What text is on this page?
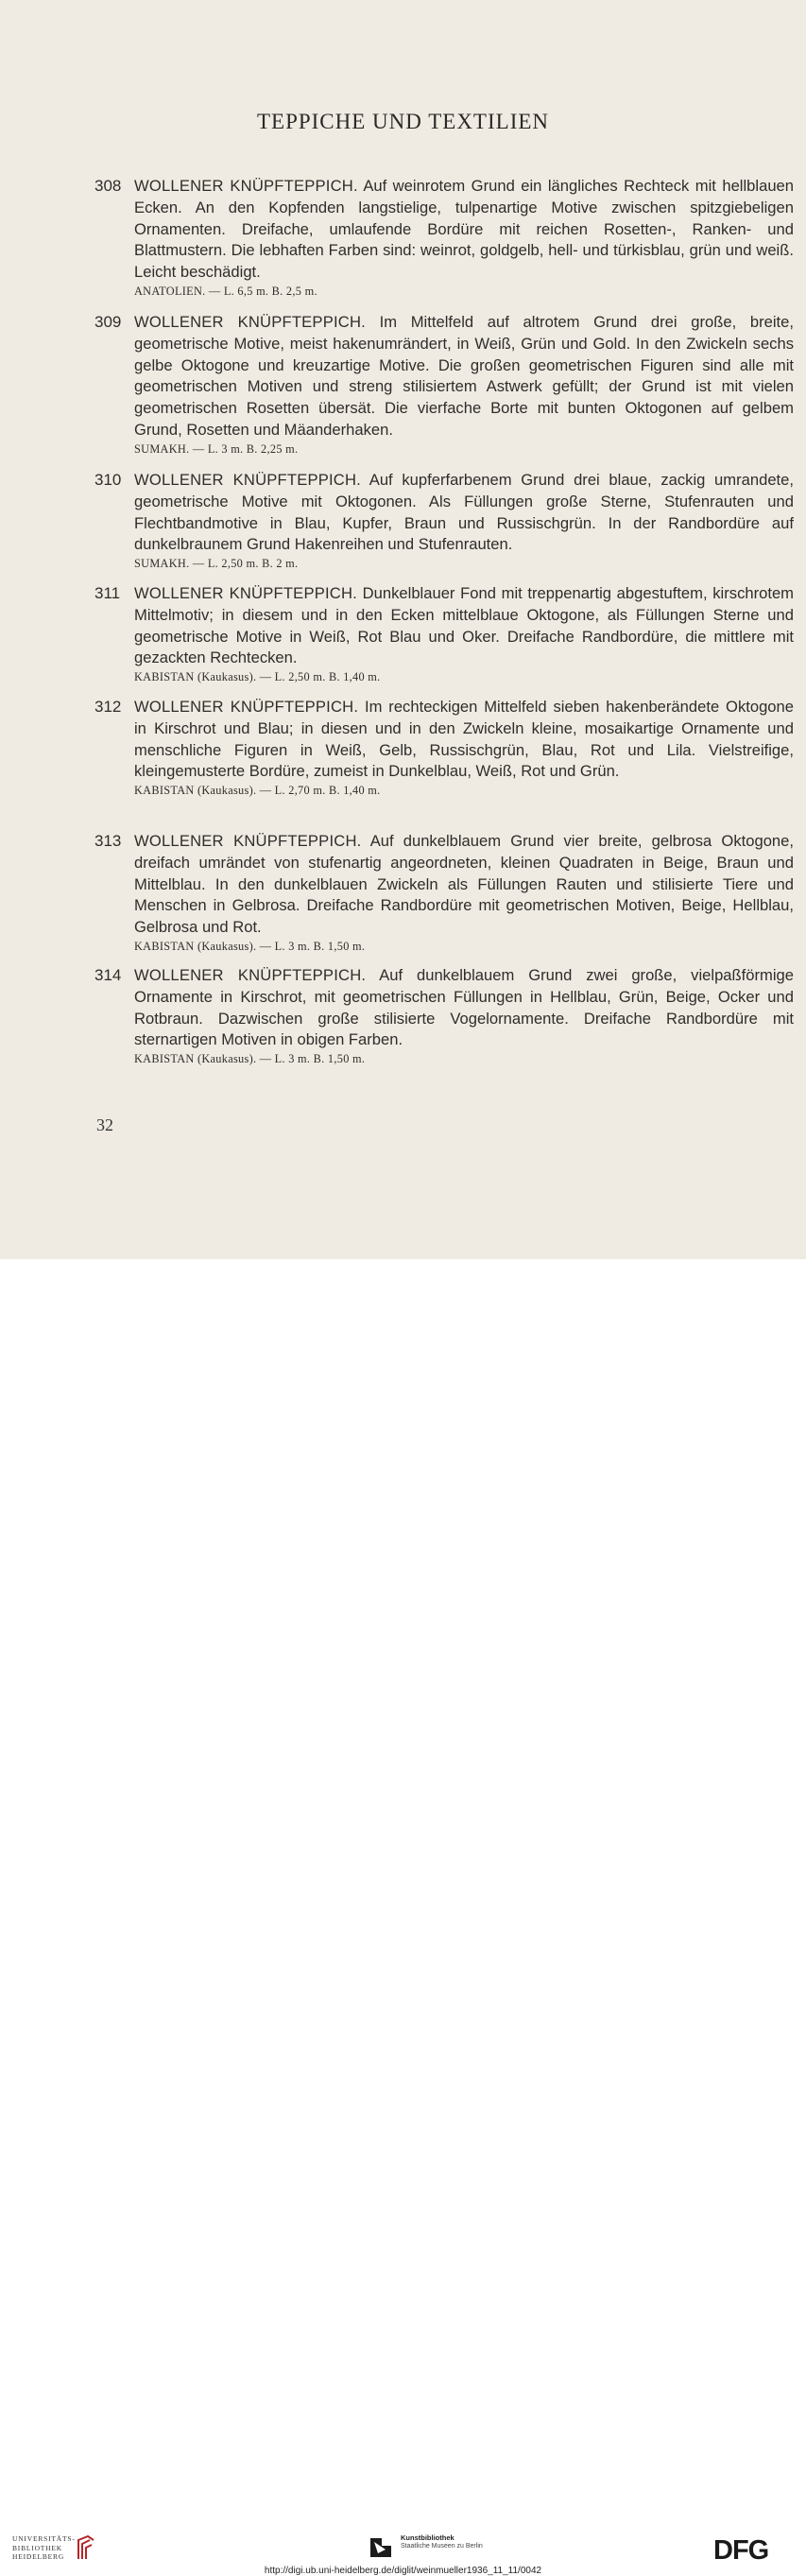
TEPPICHE UND TEXTILIEN
308 WOLLENER KNÜPFTEPPICH. Auf weinrotem Grund ein längliches Rechteck mit hellblauen Ecken. An den Kopfenden langstielige, tulpenartige Motive zwischen spitzgiebeligen Ornamenten. Dreifache, umlaufende Bordüre mit reichen Rosetten-, Ranken- und Blattmustern. Die lebhaften Farben sind: weinrot, goldgelb, hell- und türkisblau, grün und weiß. Leicht beschädigt.
ANATOLIEN. — L. 6,5 m. B. 2,5 m.
309 WOLLENER KNÜPFTEPPICH. Im Mittelfeld auf altrotem Grund drei große, breite, geometrische Motive, meist hakenumrändert, in Weiß, Grün und Gold. In den Zwickeln sechs gelbe Oktogone und kreuzartige Motive. Die großen geometrischen Figuren sind alle mit geometrischen Motiven und streng stilisiertem Astwerk gefüllt; der Grund ist mit vielen geometrischen Rosetten übersät. Die vierfache Borte mit bunten Oktogonen auf gelbem Grund, Rosetten und Mäanderhaken.
SUMAKH. — L. 3 m. B. 2,25 m.
310 WOLLENER KNÜPFTEPPICH. Auf kupferfarbenem Grund drei blaue, zackig umrandete, geometrische Motive mit Oktogonen. Als Füllungen große Sterne, Stufenrauten und Flechtbandmotive in Blau, Kupfer, Braun und Russischgrün. In der Randbordüre auf dunkelbraunem Grund Hakenreihen und Stufenrauten.
SUMAKH. — L. 2,50 m. B. 2 m.
311 WOLLENER KNÜPFTEPPICH. Dunkelblauer Fond mit treppenartig abgestuftem, kirschrotem Mittelmotiv; in diesem und in den Ecken mittelblaue Oktogone, als Füllungen Sterne und geometrische Motive in Weiß, Rot Blau und Oker. Dreifache Randbordüre, die mittlere mit gezackten Rechtecken.
KABISTAN (Kaukasus). — L. 2,50 m. B. 1,40 m.
312 WOLLENER KNÜPFTEPPICH. Im rechteckigen Mittelfeld sieben hakenberändete Oktogone in Kirschrot und Blau; in diesen und in den Zwickeln kleine, mosaikartige Ornamente und menschliche Figuren in Weiß, Gelb, Russischgrün, Blau, Rot und Lila. Vielstreifige, kleingemusterte Bordüre, zumeist in Dunkelblau, Weiß, Rot und Grün.
KABISTAN (Kaukasus). — L. 2,70 m. B. 1,40 m.
313 WOLLENER KNÜPFTEPPICH. Auf dunkelblauem Grund vier breite, gelbrosa Oktogone, dreifach umrändet von stufenartig angeordneten, kleinen Quadraten in Beige, Braun und Mittelblau. In den dunkelblauen Zwickeln als Füllungen Rauten und stilisierte Tiere und Menschen in Gelbrosa. Dreifache Randbordüre mit geometrischen Motiven, Beige, Hellblau, Gelbrosa und Rot.
KABISTAN (Kaukasus). — L. 3 m. B. 1,50 m.
314 WOLLENER KNÜPFTEPPICH. Auf dunkelblauem Grund zwei große, vielpaßförmige Ornamente in Kirschrot, mit geometrischen Füllungen in Hellblau, Grün, Beige, Ocker und Rotbraun. Dazwischen große stilisierte Vogelornamente. Dreifache Randbordüre mit sternartigen Motiven in obigen Farben.
KABISTAN (Kaukasus). — L. 3 m. B. 1,50 m.
32
UNIVERSITÄTS-
BIBLIOTHEK
HEIDELBERG
Kunstbibliothek
Staatliche Museen zu Berlin	DFG
http://digi.ub.uni-heidelberg.de/diglit/weinmueller1936_11_11/0042
